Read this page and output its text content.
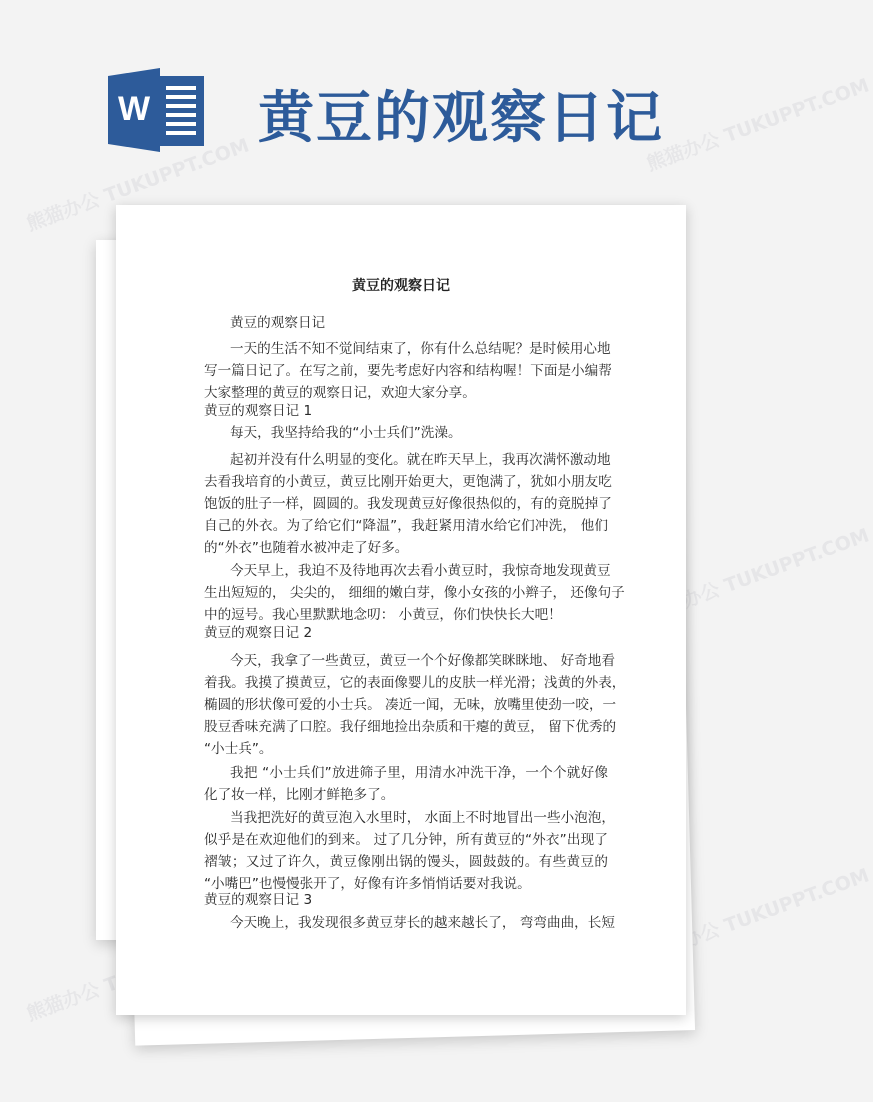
熊猫办公 TUKUPPT.COM
熊猫办公 TUKUPPT.COM
熊猫办公 TUKUPPT.COM
熊猫办公 TUKUPPT.COM
熊猫办公
W 黄豆的观察日记
黄豆的观察日记
黄豆的观察日记
一天的生活不知不觉间结束了，你有什么总结呢？是时候用心地
写一篇日记了。在写之前，要先考虑好内容和结构喔！下面是小编帮
大家整理的黄豆的观察日记，欢迎大家分享。
黄豆的观察日记 1
每天，我坚持给我的“小士兵们”洗澡。
起初并没有什么明显的变化。就在昨天早上，我再次满怀激动地
去看我培育的小黄豆，黄豆比刚开始更大，更饱满了，犹如小朋友吃
饱饭的肚子一样，圆圆的。我发现黄豆好像很热似的，有的竟脱掉了
自己的外衣。为了给它们“降温”，我赶紧用清水给它们冲洗， 他们
的“外衣”也随着水被冲走了好多。
今天早上，我迫不及待地再次去看小黄豆时，我惊奇地发现黄豆
生出短短的， 尖尖的， 细细的嫩白芽，像小女孩的小辫子， 还像句子
中的逗号。我心里默默地念叨： 小黄豆，你们快快长大吧！
黄豆的观察日记 2
今天，我拿了一些黄豆，黄豆一个个好像都笑眯眯地、 好奇地看
着我。我摸了摸黄豆，它的表面像婴儿的皮肤一样光滑；浅黄的外表，
椭圆的形状像可爱的小士兵。 凑近一闻，无味，放嘴里使劲一咬，一
股豆香味充满了口腔。我仔细地捡出杂质和干瘪的黄豆， 留下优秀的
“小士兵”。
我把 “小士兵们”放进筛子里，用清水冲洗干净，一个个就好像
化了妆一样，比刚才鲜艳多了。
当我把洗好的黄豆泡入水里时， 水面上不时地冒出一些小泡泡，
似乎是在欢迎他们的到来。 过了几分钟，所有黄豆的“外衣”出现了
褶皱；又过了许久，黄豆像刚出锅的馒头，圆鼓鼓的。有些黄豆的
“小嘴巴”也慢慢张开了，好像有许多悄悄话要对我说。
黄豆的观察日记 3
今天晚上，我发现很多黄豆芽长的越来越长了， 弯弯曲曲，长短
